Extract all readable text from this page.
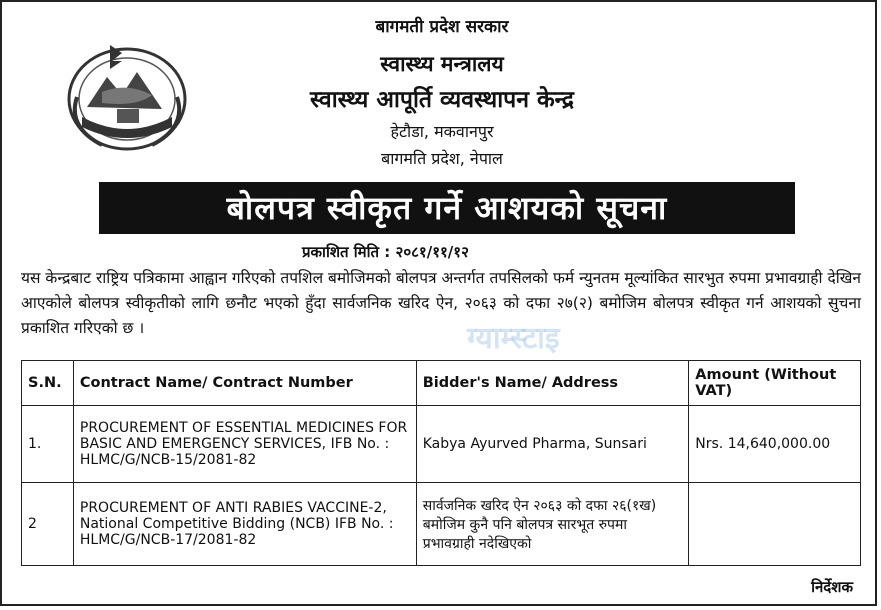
बागमती प्रदेश सरकार
स्वास्थ्य मन्त्रालय
स्वास्थ्य आपूर्ति व्यवस्थापन केन्द्र
हेटौडा, मकवानपुर
बागमति प्रदेश, नेपाल
बोलपत्र स्वीकृत गर्ने आशयको सूचना
प्रकाशित मिति : २०८१/११/१२
यस केन्द्रबाट राष्ट्रिय पत्रिकामा आह्वान गरिएको तपशिल बमोजिमको बोलपत्र अन्तर्गत तपसिलको फर्म न्युनतम मूल्यांकित सारभुत रुपमा प्रभावग्राही देखिन आएकोले बोलपत्र स्वीकृतीको लागि छनौट भएको हुँदा सार्वजनिक खरिद ऐन, २०६३ को दफा २७(२) बमोजिम बोलपत्र स्वीकृत गर्न आशयको सुचना प्रकाशित गरिएको छ ।	ग्याम्स्टाइ
S.N.	Contract Name/ Contract Number	Bidder's Name/ Address	Amount (Without VAT)
1.	PROCUREMENT OF ESSENTIAL MEDICINES FOR BASIC AND EMERGENCY SERVICES, IFB No. : HLMC/G/NCB-15/2081-82	Kabya Ayurved Pharma, Sunsari	Nrs. 14,640,000.00
2	PROCUREMENT OF ANTI RABIES VACCINE-2, National Competitive Bidding (NCB) IFB No. : HLMC/G/NCB-17/2081-82	सार्वजनिक खरिद ऐन २०६३ को दफा २६(१ख) बमोजिम कुनै पनि बोलपत्र सारभूत रुपमा प्रभावग्राही नदेखिएको	
निर्देशक
